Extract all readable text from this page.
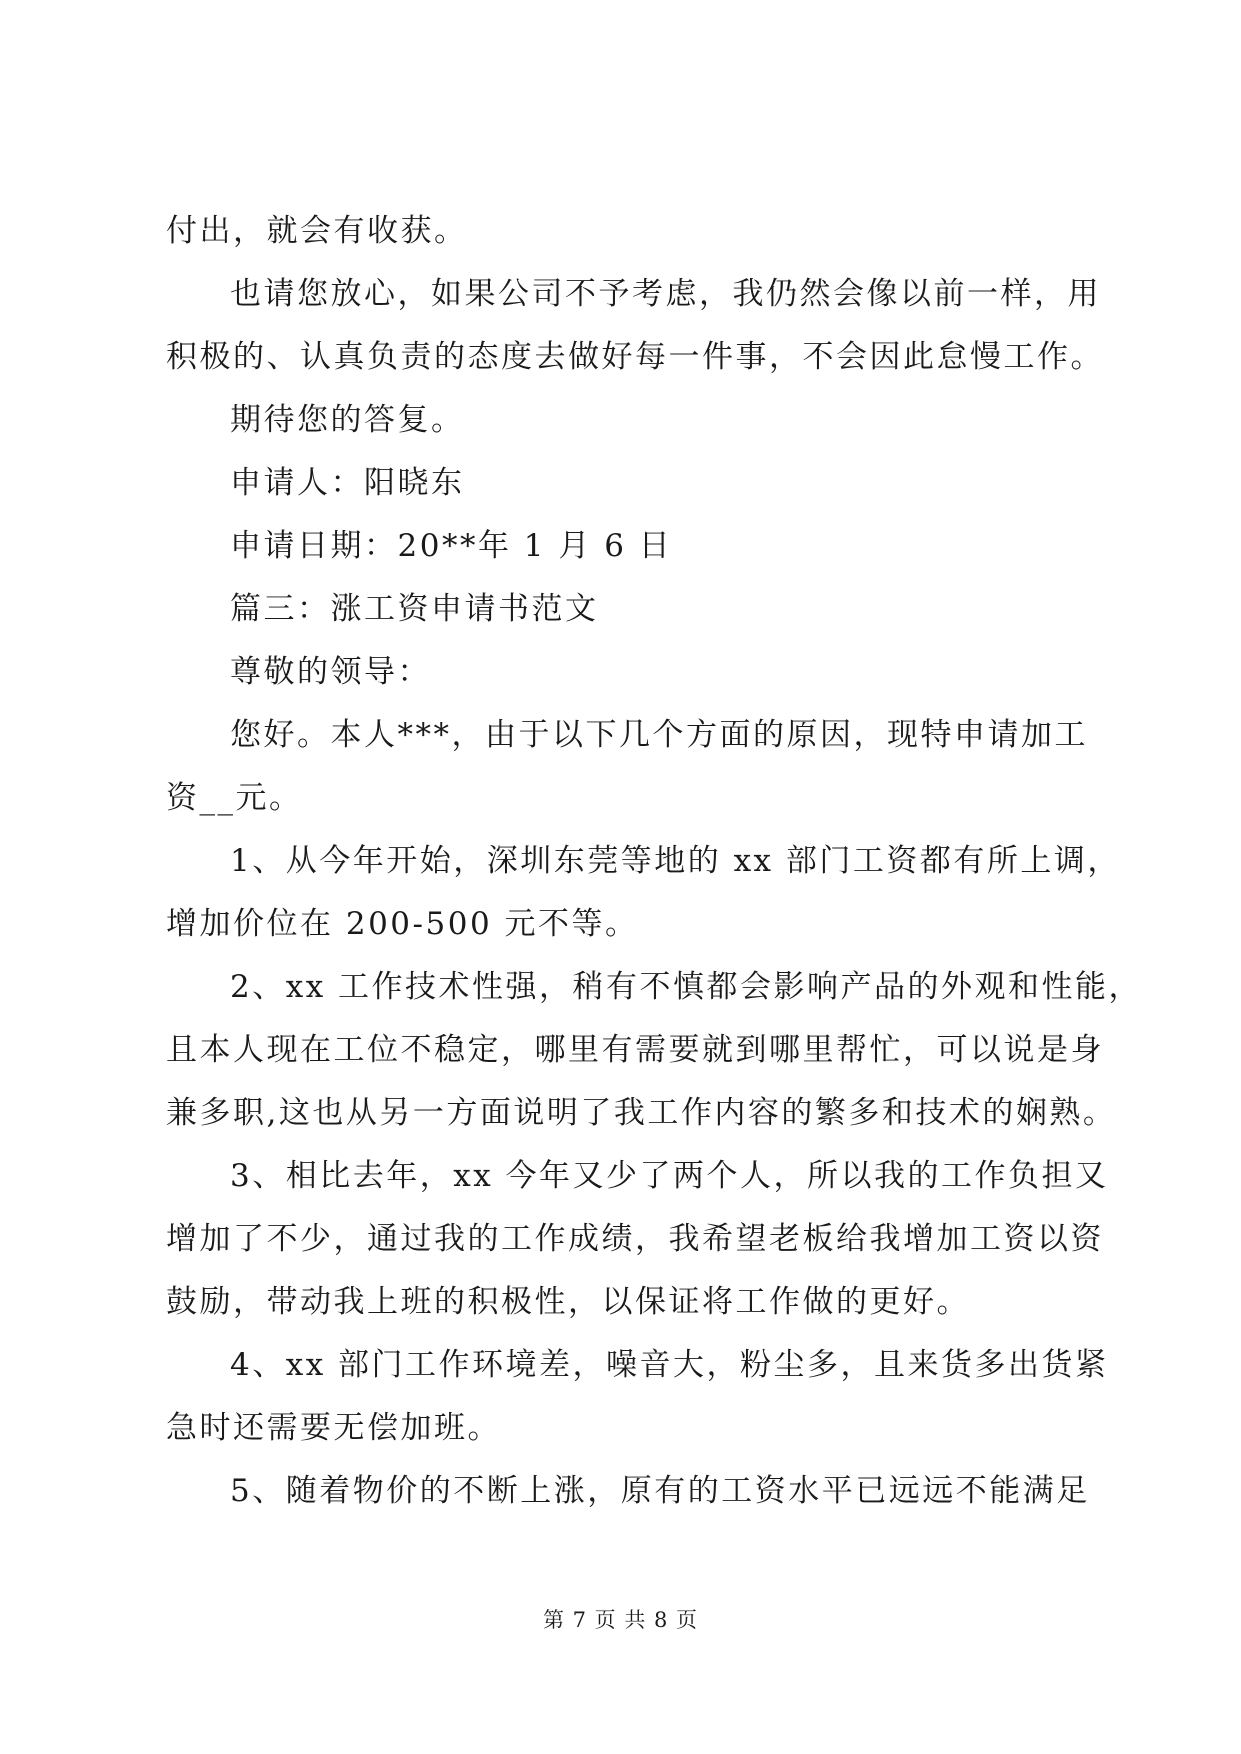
付出，就会有收获。
也请您放心，如果公司不予考虑，我仍然会像以前一样，用
积极的、认真负责的态度去做好每一件事，不会因此怠慢工作。
期待您的答复。
申请人：阳晓东
申请日期：20**年 1 月 6 日
篇三：涨工资申请书范文
尊敬的领导：
您好。本人***，由于以下几个方面的原因，现特申请加工
资__元。
1、从今年开始，深圳东莞等地的 xx 部门工资都有所上调，
增加价位在 200-500 元不等。
2、xx 工作技术性强，稍有不慎都会影响产品的外观和性能，
且本人现在工位不稳定，哪里有需要就到哪里帮忙，可以说是身
兼多职,这也从另一方面说明了我工作内容的繁多和技术的娴熟。
3、相比去年，xx 今年又少了两个人，所以我的工作负担又
增加了不少，通过我的工作成绩，我希望老板给我增加工资以资
鼓励，带动我上班的积极性，以保证将工作做的更好。
4、xx 部门工作环境差，噪音大，粉尘多，且来货多出货紧
急时还需要无偿加班。
5、随着物价的不断上涨，原有的工资水平已远远不能满足
第 7 页 共 8 页
